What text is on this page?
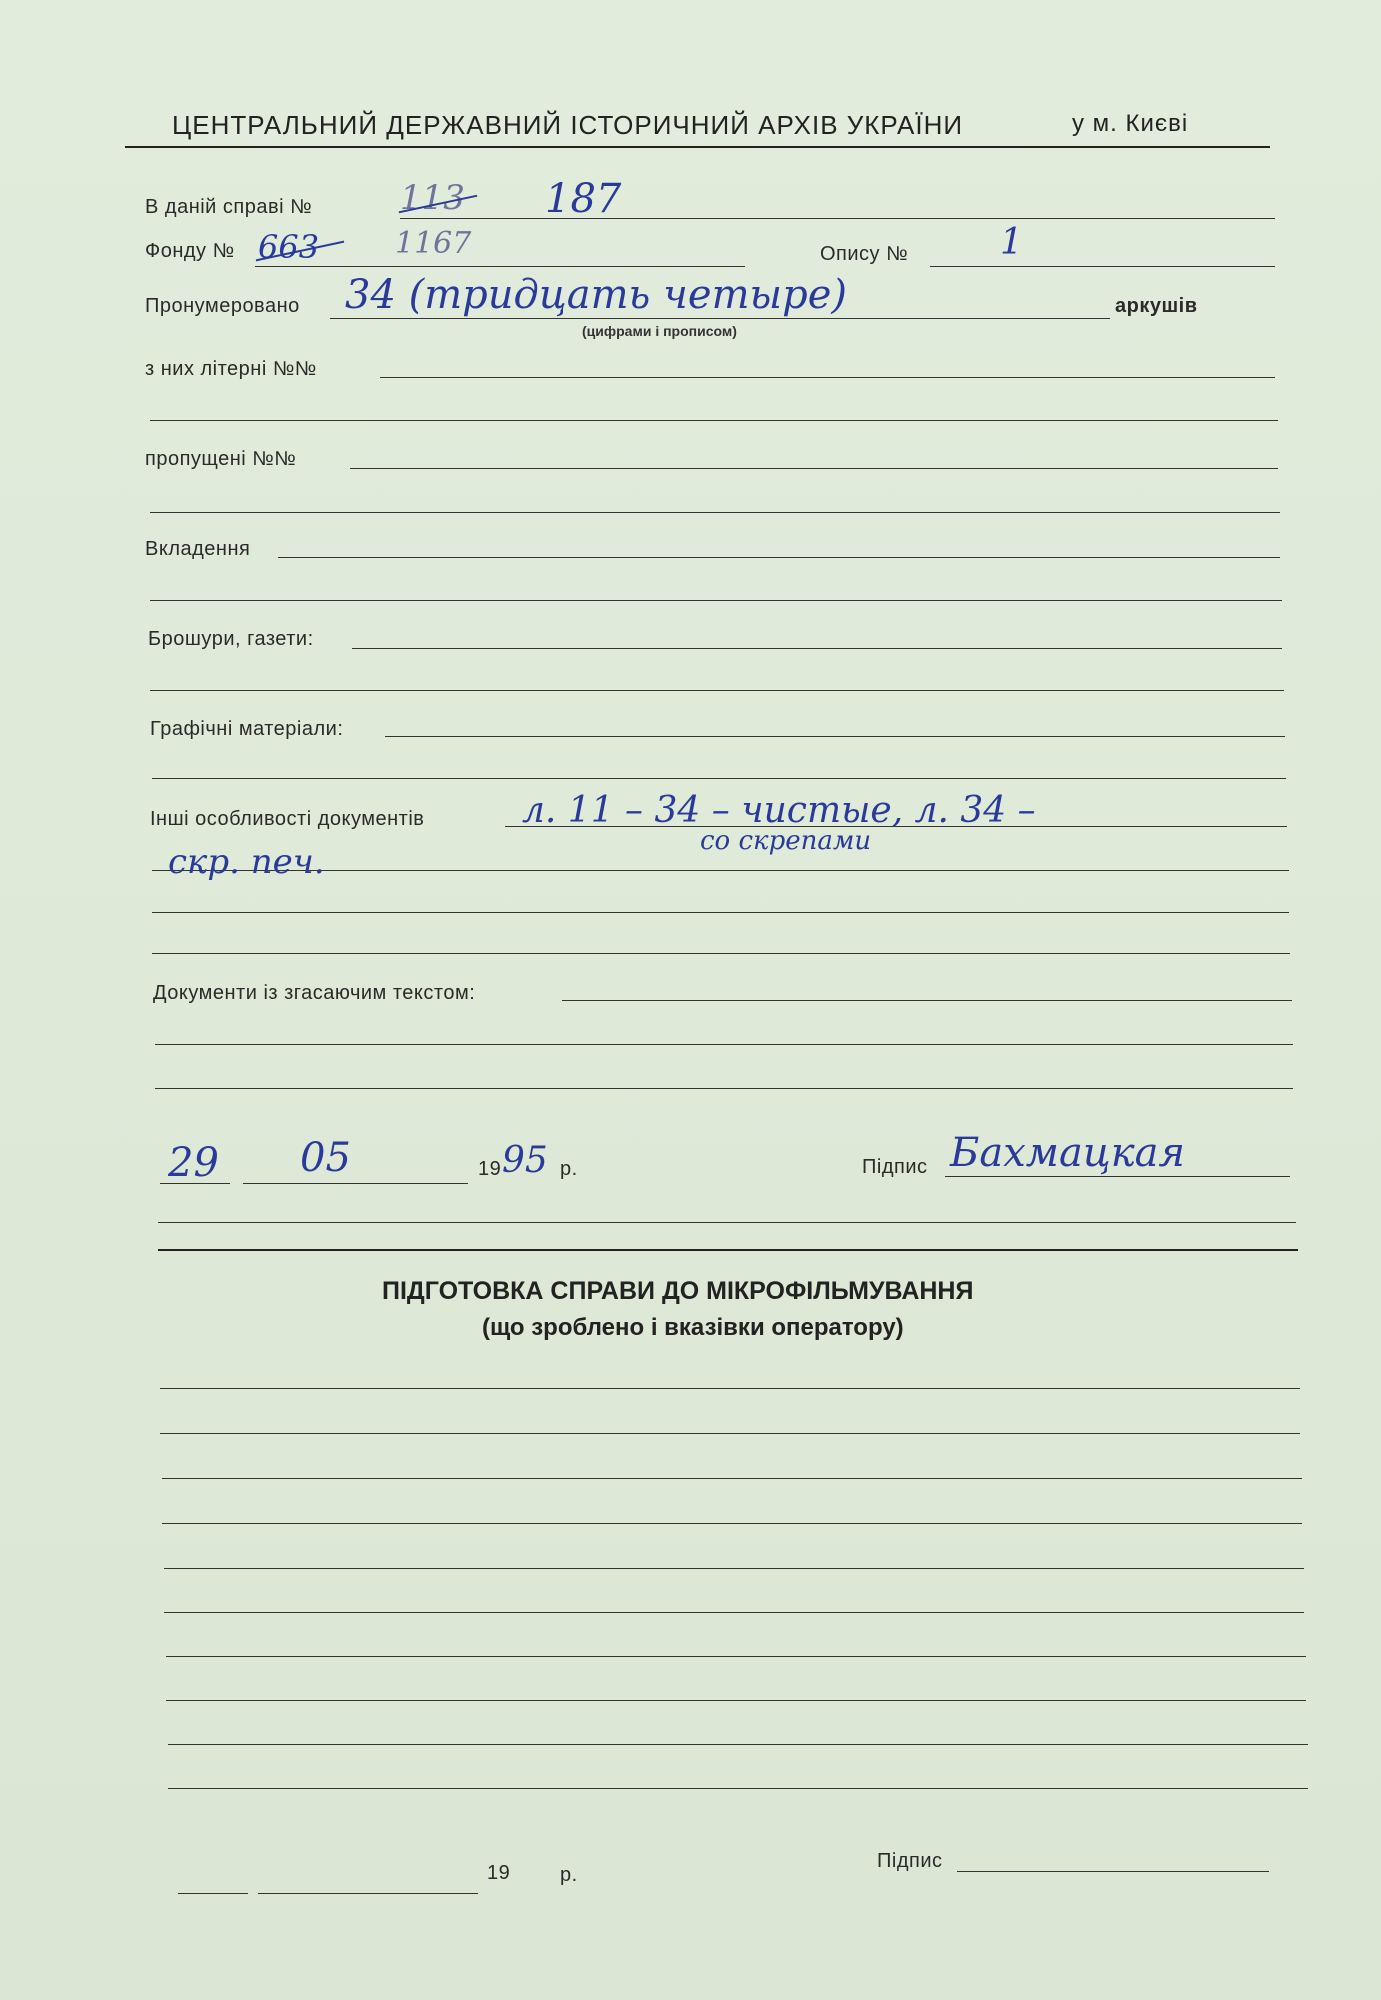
ЦЕНТРАЛЬНИЙ ДЕРЖАВНИЙ ІСТОРИЧНИЙ АРХІВ УКРАЇНИ	у м. Києві
В даній справі №	113 187
Фонду № 663	1167	Опису №	1
Пронумеровано 34 (тридцать четыре)
(цифрами і прописом)
аркушів
з них літерні №№
пропущені №№
Вкладення
Брошури, газети:
Графічні матеріали:
Інші особливості документів	л. 11 – 34 – чистые, л. 34 –
со скрепами
скр. печ.
Документи із згасаючим текстом:
29 05	19 95 р.	Підпис Бахмацкая
ПІДГОТОВКА СПРАВИ ДО МІКРОФІЛЬМУВАННЯ
(що зроблено і вказівки оператору)
19 р.
Підпис
